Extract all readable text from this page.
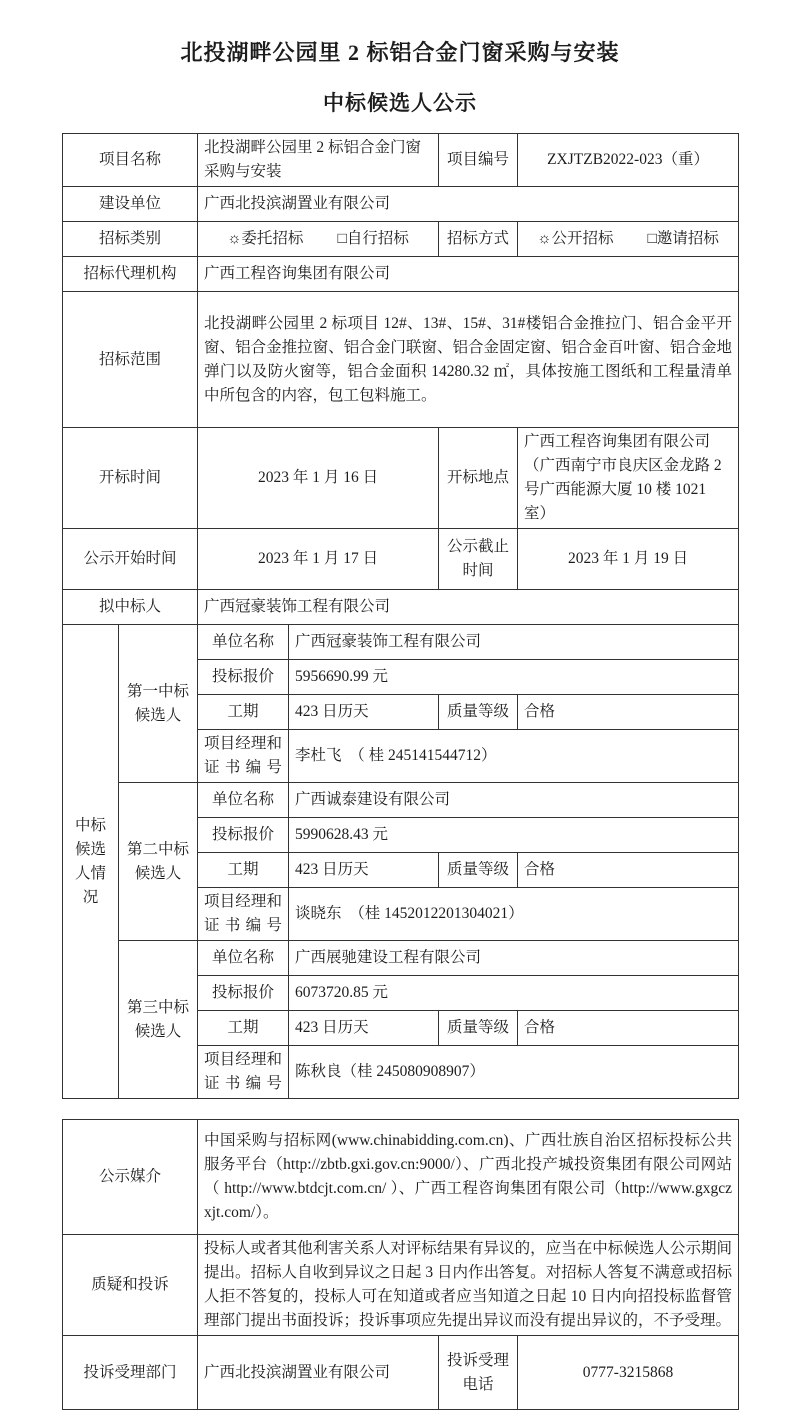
北投湖畔公园里 2 标铝合金门窗采购与安装
中标候选人公示
项目名称		北投湖畔公园里 2 标铝合金门窗采购与安装		项目编号	ZXJTZB2022-023（重）
建设单位		广西北投滨湖置业有限公司			
招标类别		☼委托招标 □自行招标		招标方式	☼公开招标 □邀请招标
招标代理机构		广西工程咨询集团有限公司			
招标范围		北投湖畔公园里 2 标项目 12#、13#、15#、31#楼铝合金推拉门、铝合金平开窗、铝合金推拉窗、铝合金门联窗、铝合金固定窗、铝合金百叶窗、铝合金地弹门以及防火窗等，铝合金面积 14280.32 ㎡，具体按施工图纸和工程量清单中所包含的内容，包工包料施工。			
开标时间		2023 年 1 月 16 日		开标地点	广西工程咨询集团有限公司（广西南宁市良庆区金龙路 2 号广西能源大厦 10 楼 1021 室）
公示开始时间		2023 年 1 月 17 日		公示截止时间	2023 年 1 月 19 日
拟中标人		广西冠豪装饰工程有限公司			
中标候选人情况	第一中标候选人	单位名称	广西冠豪装饰工程有限公司		
		投标报价	5956690.99 元		
		工期	423 日历天	质量等级	合格
		项目经理和证书编号	李杜飞　（ 桂 245141544712）		
	第二中标候选人	单位名称	广西诚泰建设有限公司		
		投标报价	5990628.43 元		
		工期	423 日历天	质量等级	合格
		项目经理和证书编号	谈晓东　（桂 1452012201304021）		
	第三中标候选人	单位名称	广西展驰建设工程有限公司		
		投标报价	6073720.85 元		
		工期	423 日历天	质量等级	合格
		项目经理和证书编号	陈秋良（桂 245080908907）		
公示媒介	中国采购与招标网(www.chinabidding.com.cn)、广西壮族自治区招标投标公共服务平台（http://zbtb.gxi.gov.cn:9000/）、广西北投产城投资集团有限公司网站（ http://www.btdcjt.com.cn/ ）、广西工程咨询集团有限公司（http://www.gxgczxjt.com/）。		
质疑和投诉	投标人或者其他利害关系人对评标结果有异议的，应当在中标候选人公示期间提出。招标人自收到异议之日起 3 日内作出答复。对招标人答复不满意或招标人拒不答复的，投标人可在知道或者应当知道之日起 10 日内向招投标监督管理部门提出书面投诉；投诉事项应先提出异议而没有提出异议的，不予受理。		
投诉受理部门	广西北投滨湖置业有限公司	投诉受理电话	0777-3215868
